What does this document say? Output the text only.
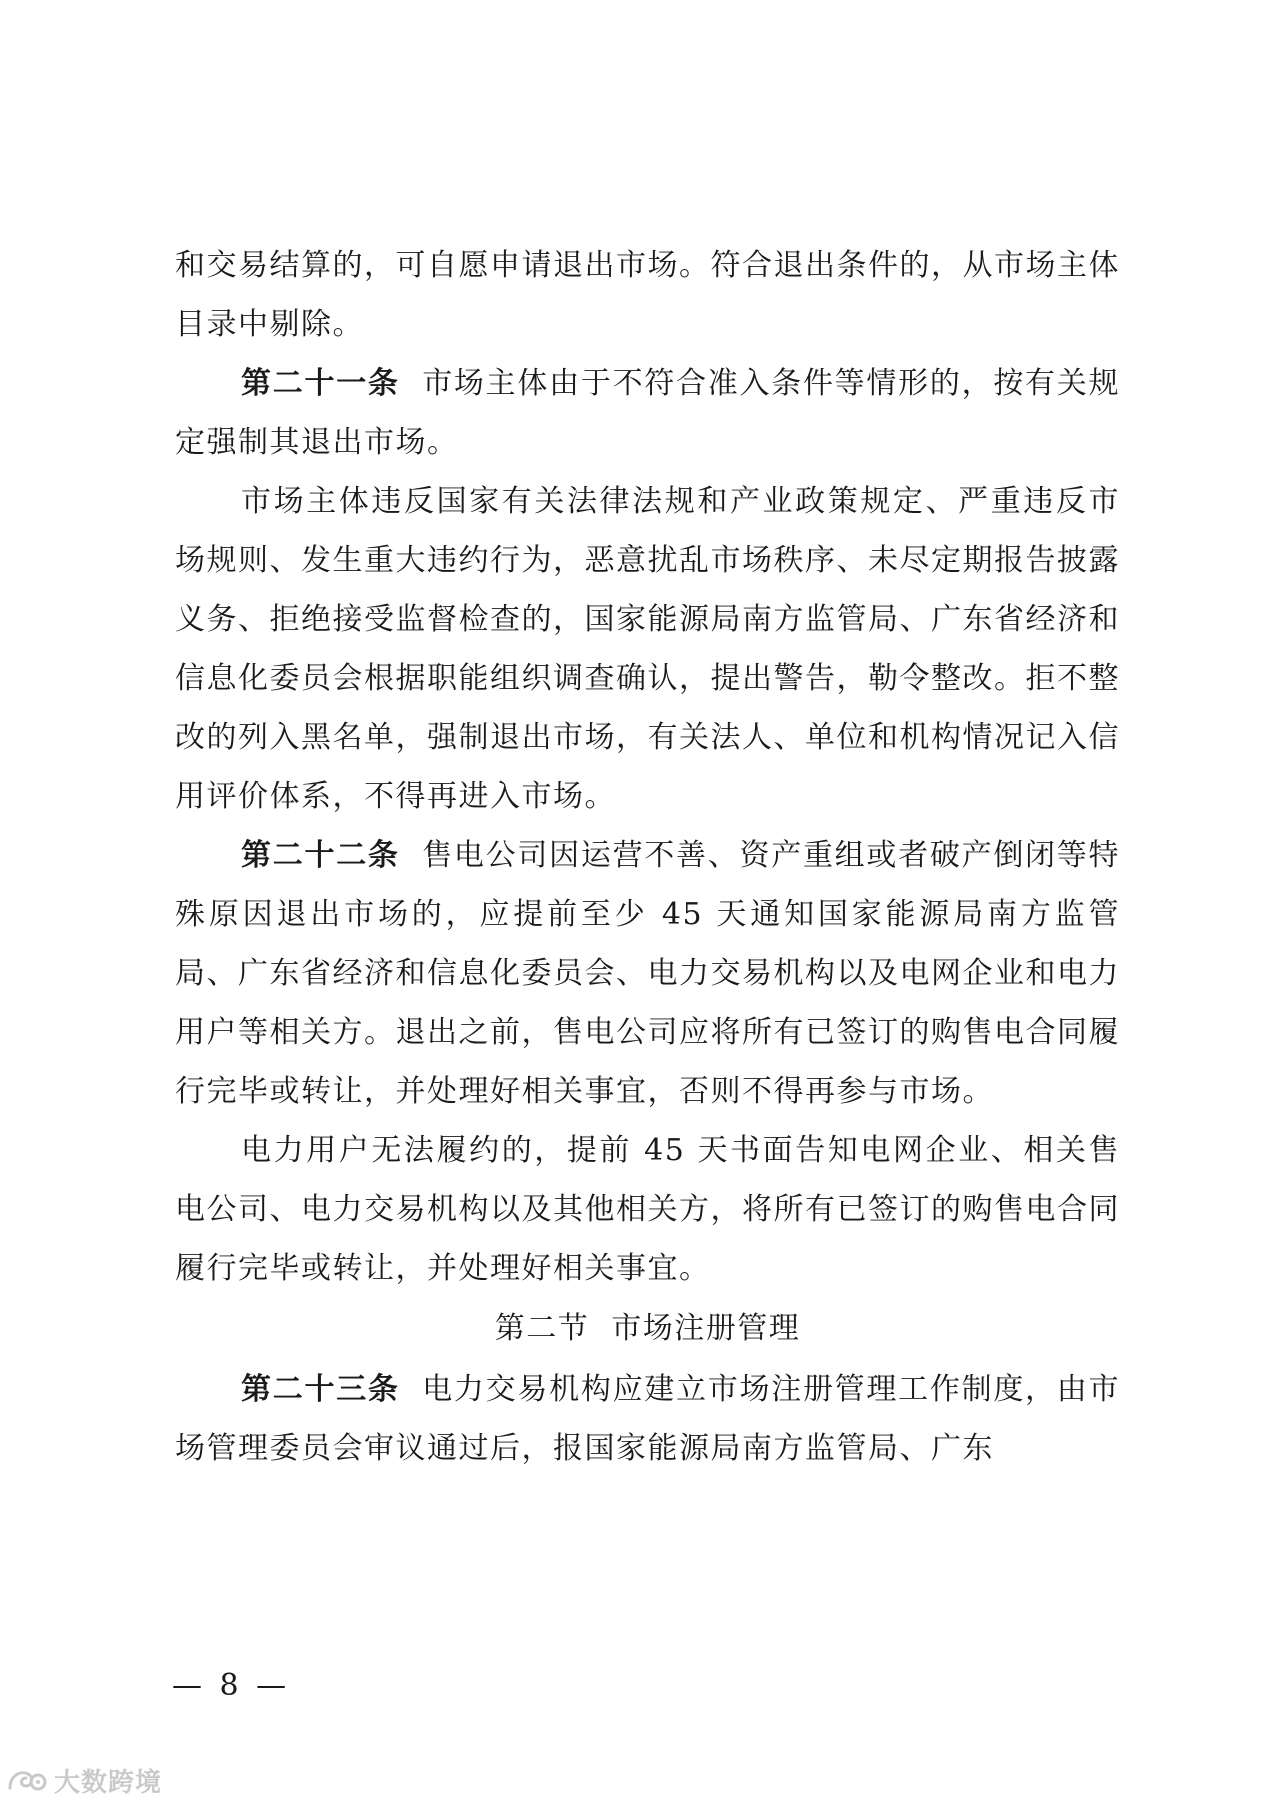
和交易结算的，可自愿申请退出市场。符合退出条件的，从市场主体目录中剔除。

第二十一条 市场主体由于不符合准入条件等情形的，按有关规定强制其退出市场。

市场主体违反国家有关法律法规和产业政策规定、严重违反市场规则、发生重大违约行为，恶意扰乱市场秩序、未尽定期报告披露义务、拒绝接受监督检查的，国家能源局南方监管局、广东省经济和信息化委员会根据职能组织调查确认，提出警告，勒令整改。拒不整改的列入黑名单，强制退出市场，有关法人、单位和机构情况记入信用评价体系，不得再进入市场。

第二十二条 售电公司因运营不善、资产重组或者破产倒闭等特殊原因退出市场的，应提前至少 45 天通知国家能源局南方监管局、广东省经济和信息化委员会、电力交易机构以及电网企业和电力用户等相关方。退出之前，售电公司应将所有已签订的购售电合同履行完毕或转让，并处理好相关事宜，否则不得再参与市场。

电力用户无法履约的，提前 45 天书面告知电网企业、相关售电公司、电力交易机构以及其他相关方，将所有已签订的购售电合同履行完毕或转让，并处理好相关事宜。

第二节  市场注册管理

第二十三条 电力交易机构应建立市场注册管理工作制度，由市场管理委员会审议通过后，报国家能源局南方监管局、广东

— 8 —
大数跨境
